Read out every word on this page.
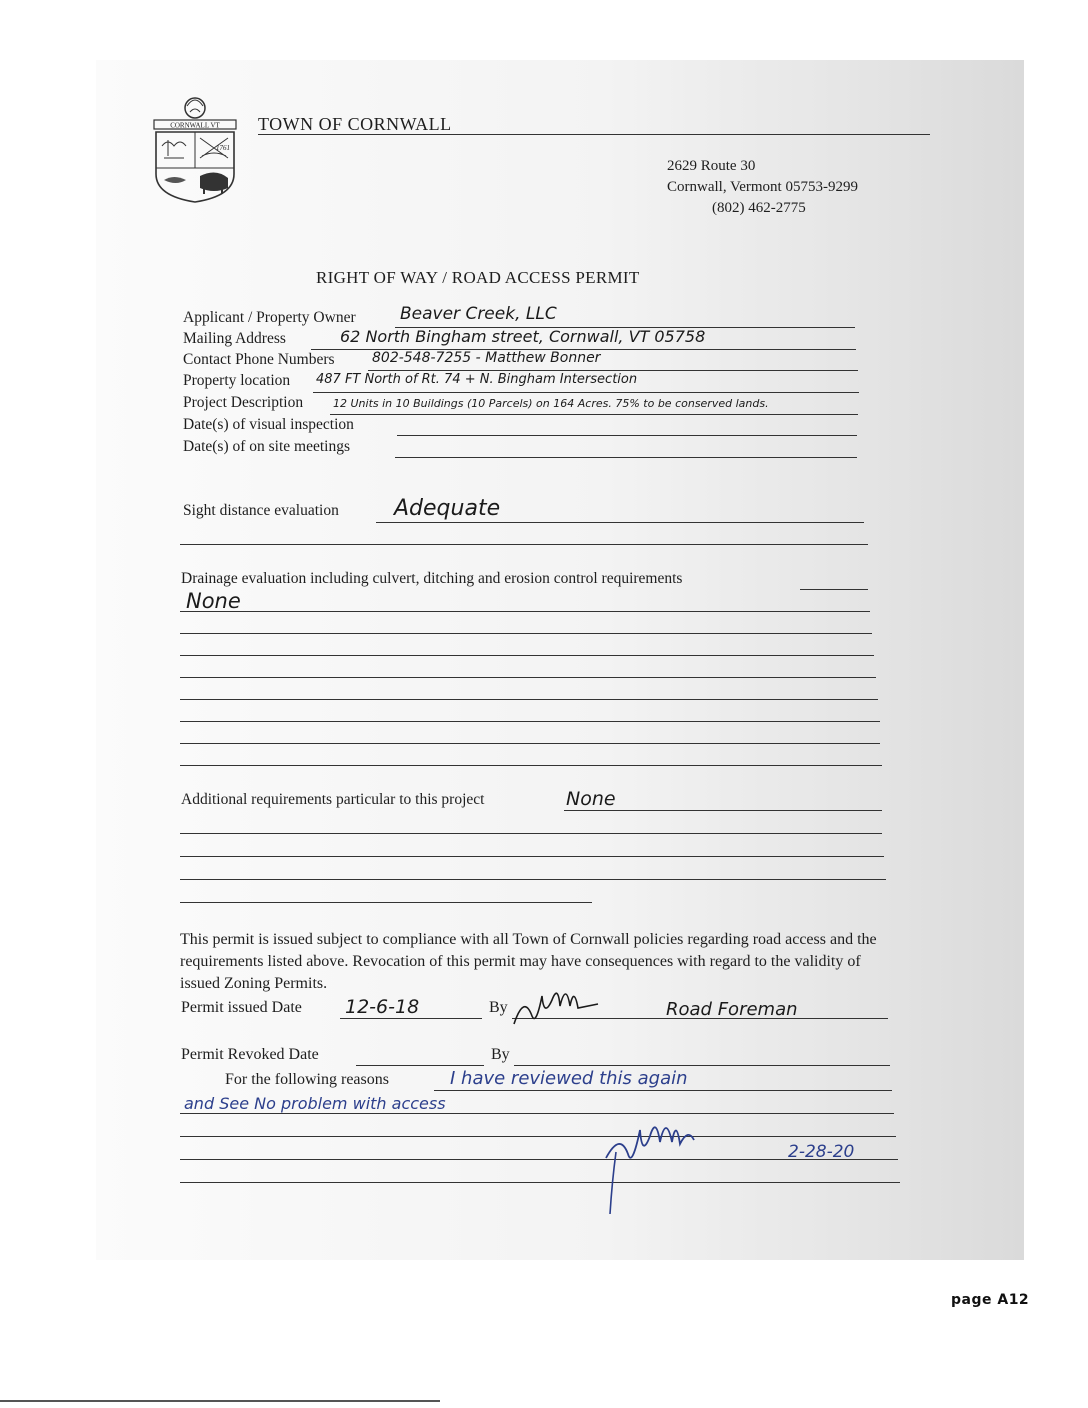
CORNWALL VT
1761
TOWN OF CORNWALL
2629 Route 30
Cornwall, Vermont 05753-9299
(802) 462-2775
RIGHT OF WAY / ROAD ACCESS PERMIT
Applicant / Property Owner	Beaver Creek, LLC
Mailing Address	62 North Bingham street, Cornwall, VT 05758
Contact Phone Numbers	802-548-7255 - Matthew Bonner
Property location 487 FT North of Rt. 74 + N. Bingham Intersection
Project Description	12 Units in 10 Buildings (10 Parcels) on 164 Acres. 75% to be conserved lands.
Date(s) of visual inspection
Date(s) of on site meetings
Sight distance evaluation	Adequate
Drainage evaluation including culvert, ditching and erosion control requirements
None
Additional requirements particular to this project	None
This permit is issued subject to compliance with all Town of Cornwall policies regarding road access and the requirements listed above. Revocation of this permit may have consequences with regard to the validity of issued Zoning Permits.
Permit issued Date 12-6-18	By	Road Foreman
Permit Revoked Date	By
For the following reasons	I have reviewed this again
and See No problem with access
2-28-20
page A12
